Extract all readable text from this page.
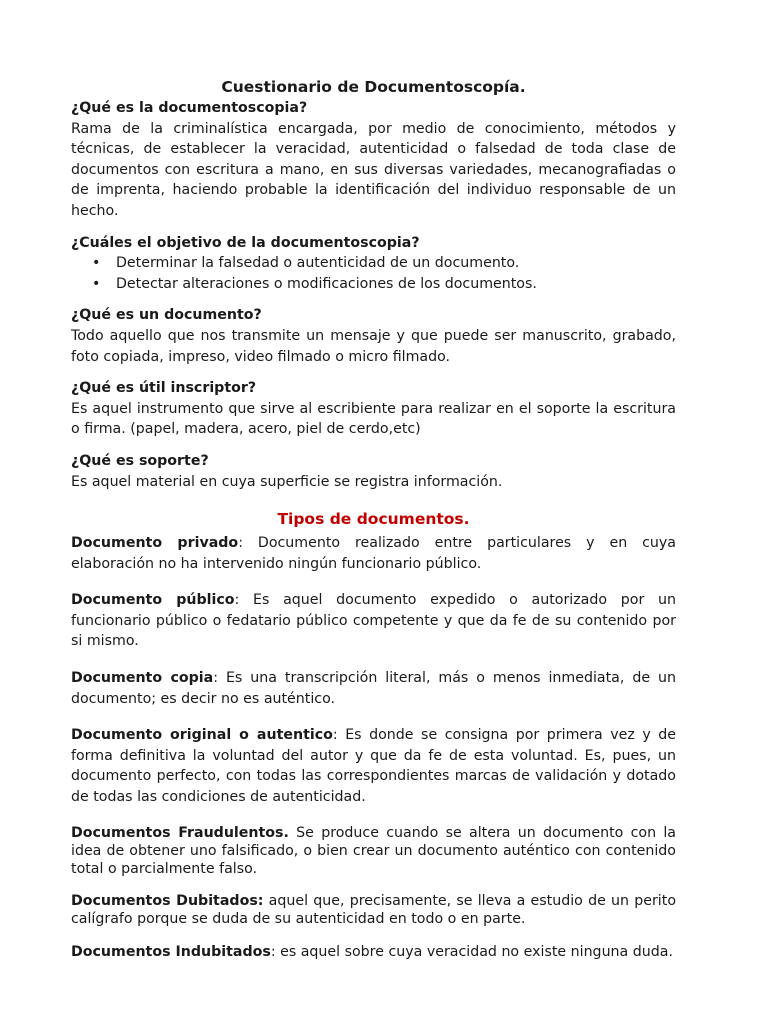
Cuestionario de Documentoscopía.
¿Qué es la documentoscopia?

Rama de la criminalística encargada, por medio de conocimiento, métodos y técnicas, de establecer la veracidad, autenticidad o falsedad de toda clase de documentos con escritura a mano, en sus diversas variedades, mecanografiadas o de imprenta, haciendo probable la identificación del individuo responsable de un hecho.

¿Cuáles el objetivo de la documentoscopia?
• Determinar la falsedad o autenticidad de un documento.
• Detectar alteraciones o modificaciones de los documentos.
¿Qué es un documento?

Todo aquello que nos transmite un mensaje y que puede ser manuscrito, grabado, foto copiada, impreso, video filmado o micro filmado.

¿Qué es útil inscriptor?

Es aquel instrumento que sirve al escribiente para realizar en el soporte la escritura o firma. (papel, madera, acero, piel de cerdo,etc)

¿Qué es soporte?

Es aquel material en cuya superficie se registra información.

Tipos de documentos.

Documento privado: Documento realizado entre particulares y en cuya elaboración no ha intervenido ningún funcionario público.

Documento público: Es aquel documento expedido o autorizado por un funcionario público o fedatario público competente y que da fe de su contenido por si mismo.

Documento copia: Es una transcripción literal, más o menos inmediata, de un documento; es decir no es auténtico.

Documento original o autentico: Es donde se consigna por primera vez y de forma definitiva la voluntad del autor y que da fe de esta voluntad. Es, pues, un documento perfecto, con todas las correspondientes marcas de validación y dotado de todas las condiciones de autenticidad.

Documentos Fraudulentos. Se produce cuando se altera un documento con la idea de obtener uno falsificado, o bien crear un documento auténtico con contenido total o parcialmente falso.

Documentos Dubitados: aquel que, precisamente, se lleva a estudio de un perito calígrafo porque se duda de su autenticidad en todo o en parte.

Documentos Indubitados: es aquel sobre cuya veracidad no existe ninguna duda.
